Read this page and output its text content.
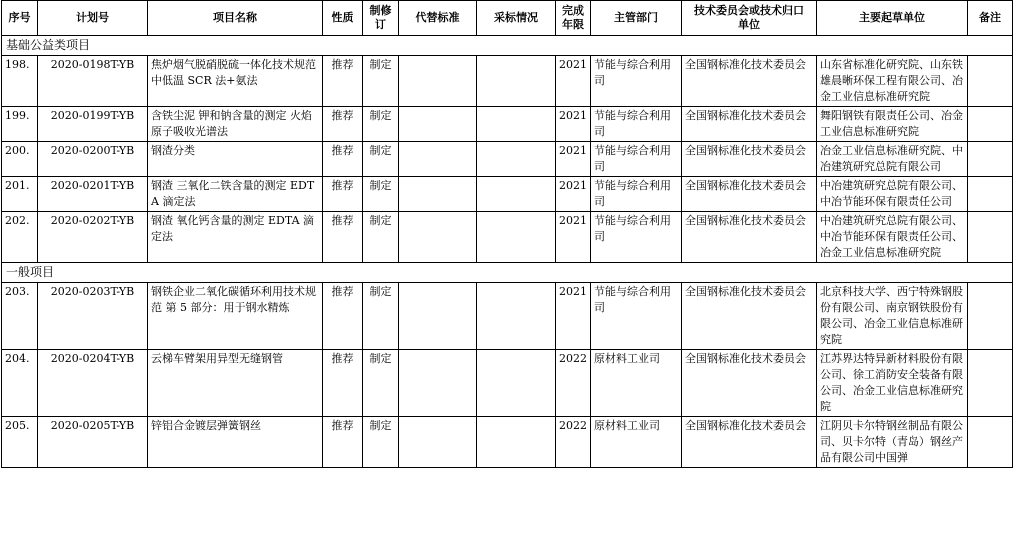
序号	计划号	项目名称	性质	制修订	代替标准	采标情况	完成年限	主管部门	技术委员会或技术归口单位	主要起草单位	备注
基础公益类项目											
198.	2020-0198T-YB	焦炉烟气脱硝脱硫一体化技术规范 中低温 SCR 法+氨法	推荐	制定			2021	节能与综合利用司	全国钢标准化技术委员会	山东省标准化研究院、山东铁雄晨晰环保工程有限公司、冶金工业信息标准研究院	
199.	2020-0199T-YB	含铁尘泥 钾和钠含量的测定 火焰原子吸收光谱法	推荐	制定			2021	节能与综合利用司	全国钢标准化技术委员会	舞阳钢铁有限责任公司、冶金工业信息标准研究院	
200.	2020-0200T-YB	钢渣分类	推荐	制定			2021	节能与综合利用司	全国钢标准化技术委员会	冶金工业信息标准研究院、中冶建筑研究总院有限公司	
201.	2020-0201T-YB	钢渣 三氧化二铁含量的测定 EDTA 滴定法	推荐	制定			2021	节能与综合利用司	全国钢标准化技术委员会	中冶建筑研究总院有限公司、中冶节能环保有限责任公司	
202.	2020-0202T-YB	钢渣 氧化钙含量的测定 EDTA 滴定法	推荐	制定			2021	节能与综合利用司	全国钢标准化技术委员会	中冶建筑研究总院有限公司、中冶节能环保有限责任公司、冶金工业信息标准研究院	
一般项目											
203.	2020-0203T-YB	钢铁企业二氧化碳循环利用技术规范 第 5 部分：用于钢水精炼	推荐	制定			2021	节能与综合利用司	全国钢标准化技术委员会	北京科技大学、西宁特殊钢股份有限公司、南京钢铁股份有限公司、冶金工业信息标准研究院	
204.	2020-0204T-YB	云梯车臂架用异型无缝钢管	推荐	制定			2022	原材料工业司	全国钢标准化技术委员会	江苏界达特异新材料股份有限公司、徐工消防安全装备有限公司、冶金工业信息标准研究院	
205.	2020-0205T-YB	锌铝合金镀层弹簧钢丝	推荐	制定			2022	原材料工业司	全国钢标准化技术委员会	江阴贝卡尔特钢丝制品有限公司、贝卡尔特（青岛）钢丝产品有限公司中国弹	
